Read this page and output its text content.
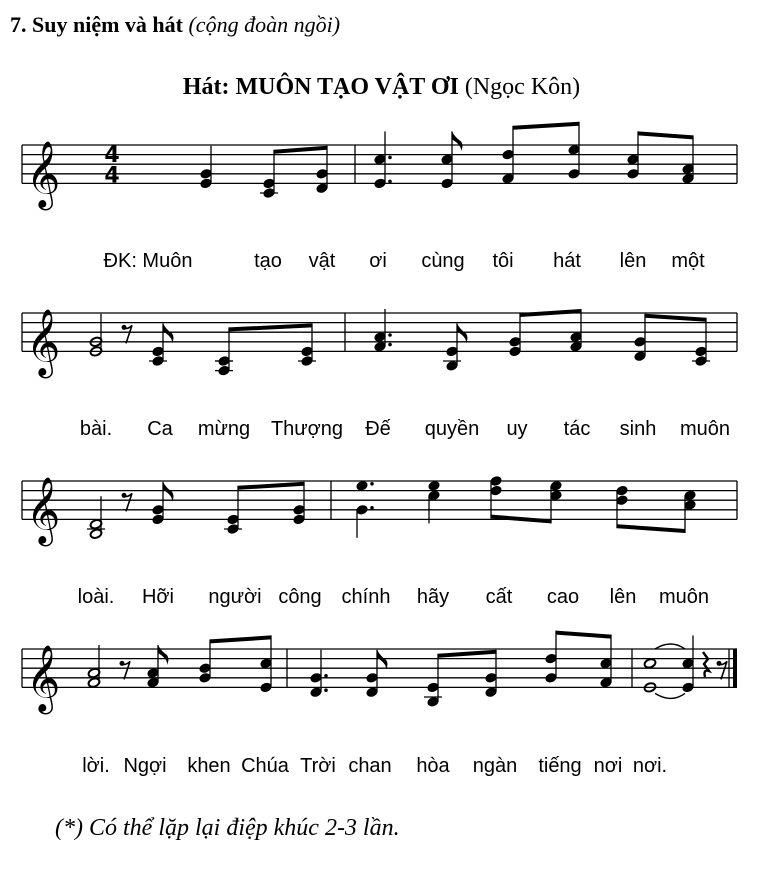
7. Suy niệm và hát (cộng đoàn ngồi)
Hát: MUÔN TẠO VẬT ƠI (Ngọc Kôn)
𝄞 4
4
ĐK: Muôn	tạo vật ơi cùng tôi hát lên một
𝄞
bài. Ca mừng Thượng Đế quyền uy tác sinh muôn
𝄞
loài. Hỡi người công chính hãy cất cao lên muôn
𝄞
lời. Ngợi khen Chúa Trời chan hòa ngàn tiếng nơi nơi.
(*) Có thể lặp lại điệp khúc 2-3 lần.
